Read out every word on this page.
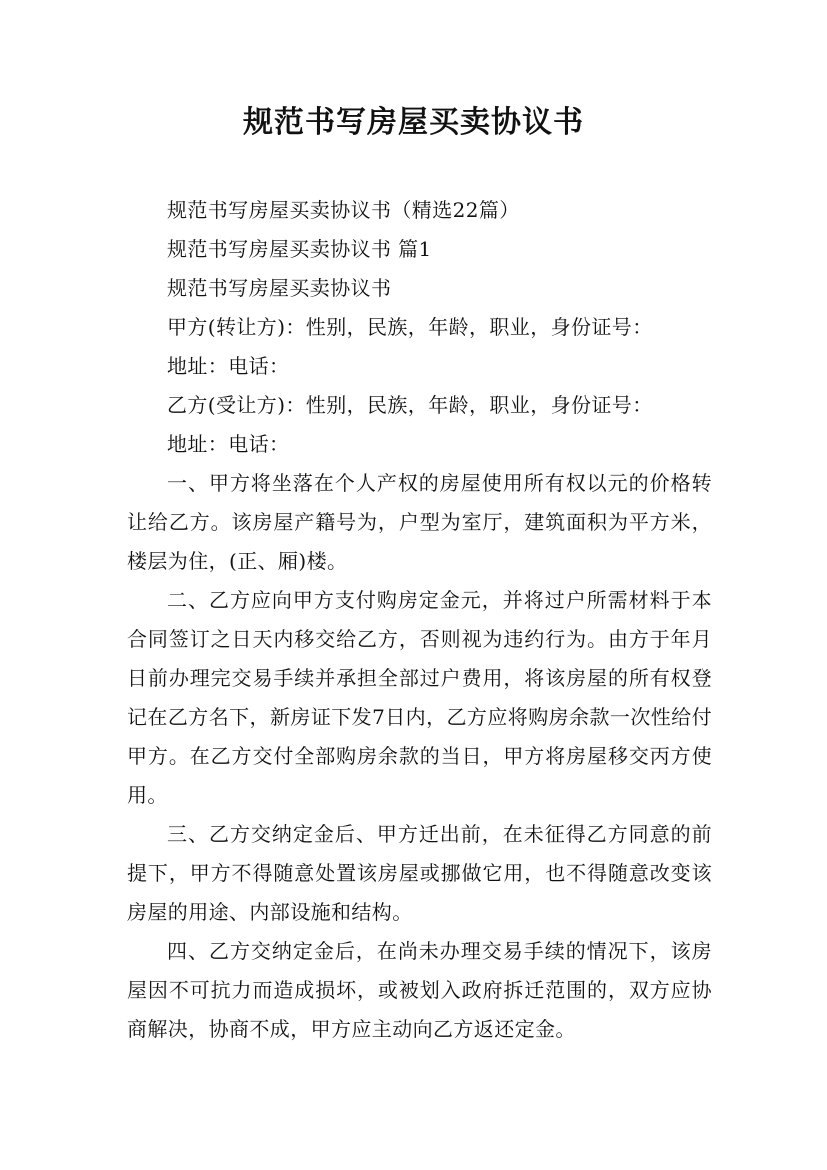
规范书写房屋买卖协议书

规范书写房屋买卖协议书（精选22篇）

规范书写房屋买卖协议书 篇1

规范书写房屋买卖协议书

甲方(转让方)：性别，民族，年龄，职业，身份证号：

地址：电话：

乙方(受让方)：性别，民族，年龄，职业，身份证号：

地址：电话：

一、甲方将坐落在个人产权的房屋使用所有权以元的价格转让给乙方。该房屋产籍号为，户型为室厅，建筑面积为平方米，楼层为住，(正、厢)楼。

二、乙方应向甲方支付购房定金元，并将过户所需材料于本合同签订之日天内移交给乙方，否则视为违约行为。由方于年月日前办理完交易手续并承担全部过户费用，将该房屋的所有权登记在乙方名下，新房证下发7日内，乙方应将购房余款一次性给付甲方。在乙方交付全部购房余款的当日，甲方将房屋移交丙方使用。

三、乙方交纳定金后、甲方迁出前，在未征得乙方同意的前提下，甲方不得随意处置该房屋或挪做它用，也不得随意改变该房屋的用途、内部设施和结构。

四、乙方交纳定金后，在尚未办理交易手续的情况下，该房屋因不可抗力而造成损坏，或被划入政府拆迁范围的，双方应协商解决，协商不成，甲方应主动向乙方返还定金。
